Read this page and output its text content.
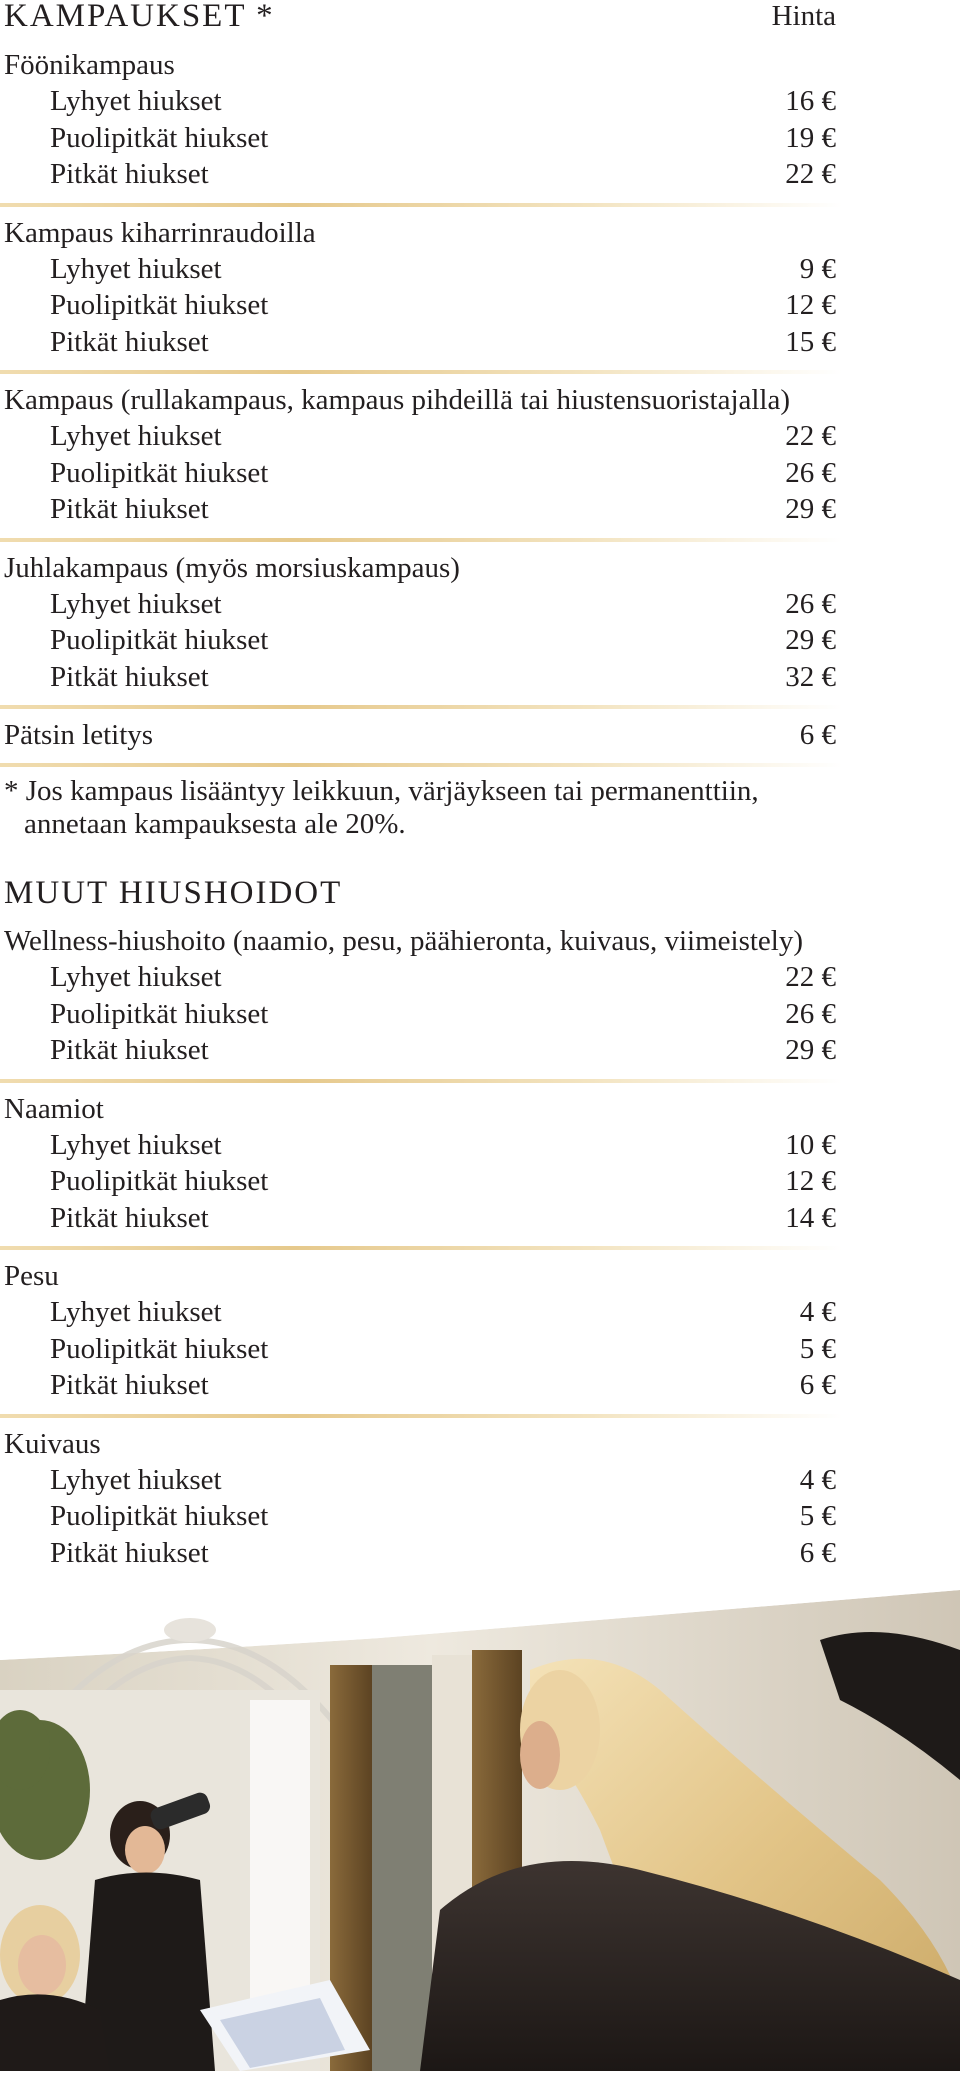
KAMPAUKSET *	Hinta
Föönikampaus
Lyhyet hiukset	16 €
Puolipitkät hiukset	19 €
Pitkät hiukset	22 €
Kampaus kiharrinraudoilla
Lyhyet hiukset	9 €
Puolipitkät hiukset	12 €
Pitkät hiukset	15 €
Kampaus (rullakampaus, kampaus pihdeillä tai hiustensuoristajalla)
Lyhyet hiukset	22 €
Puolipitkät hiukset	26 €
Pitkät hiukset	29 €
Juhlakampaus (myös morsiuskampaus)
Lyhyet hiukset	26 €
Puolipitkät hiukset	29 €
Pitkät hiukset	32 €
Pätsin letitys	6 €
* Jos kampaus lisääntyy leikkuun, värjäykseen tai permanenttiin,
annetaan kampauksesta ale 20%.
MUUT HIUSHOIDOT
Wellness-hiushoito (naamio, pesu, päähieronta, kuivaus, viimeistely)
Lyhyet hiukset	22 €
Puolipitkät hiukset	26 €
Pitkät hiukset	29 €
Naamiot
Lyhyet hiukset	10 €
Puolipitkät hiukset	12 €
Pitkät hiukset	14 €
Pesu
Lyhyet hiukset	4 €
Puolipitkät hiukset	5 €
Pitkät hiukset	6 €
Kuivaus
Lyhyet hiukset	4 €
Puolipitkät hiukset	5 €
Pitkät hiukset	6 €
